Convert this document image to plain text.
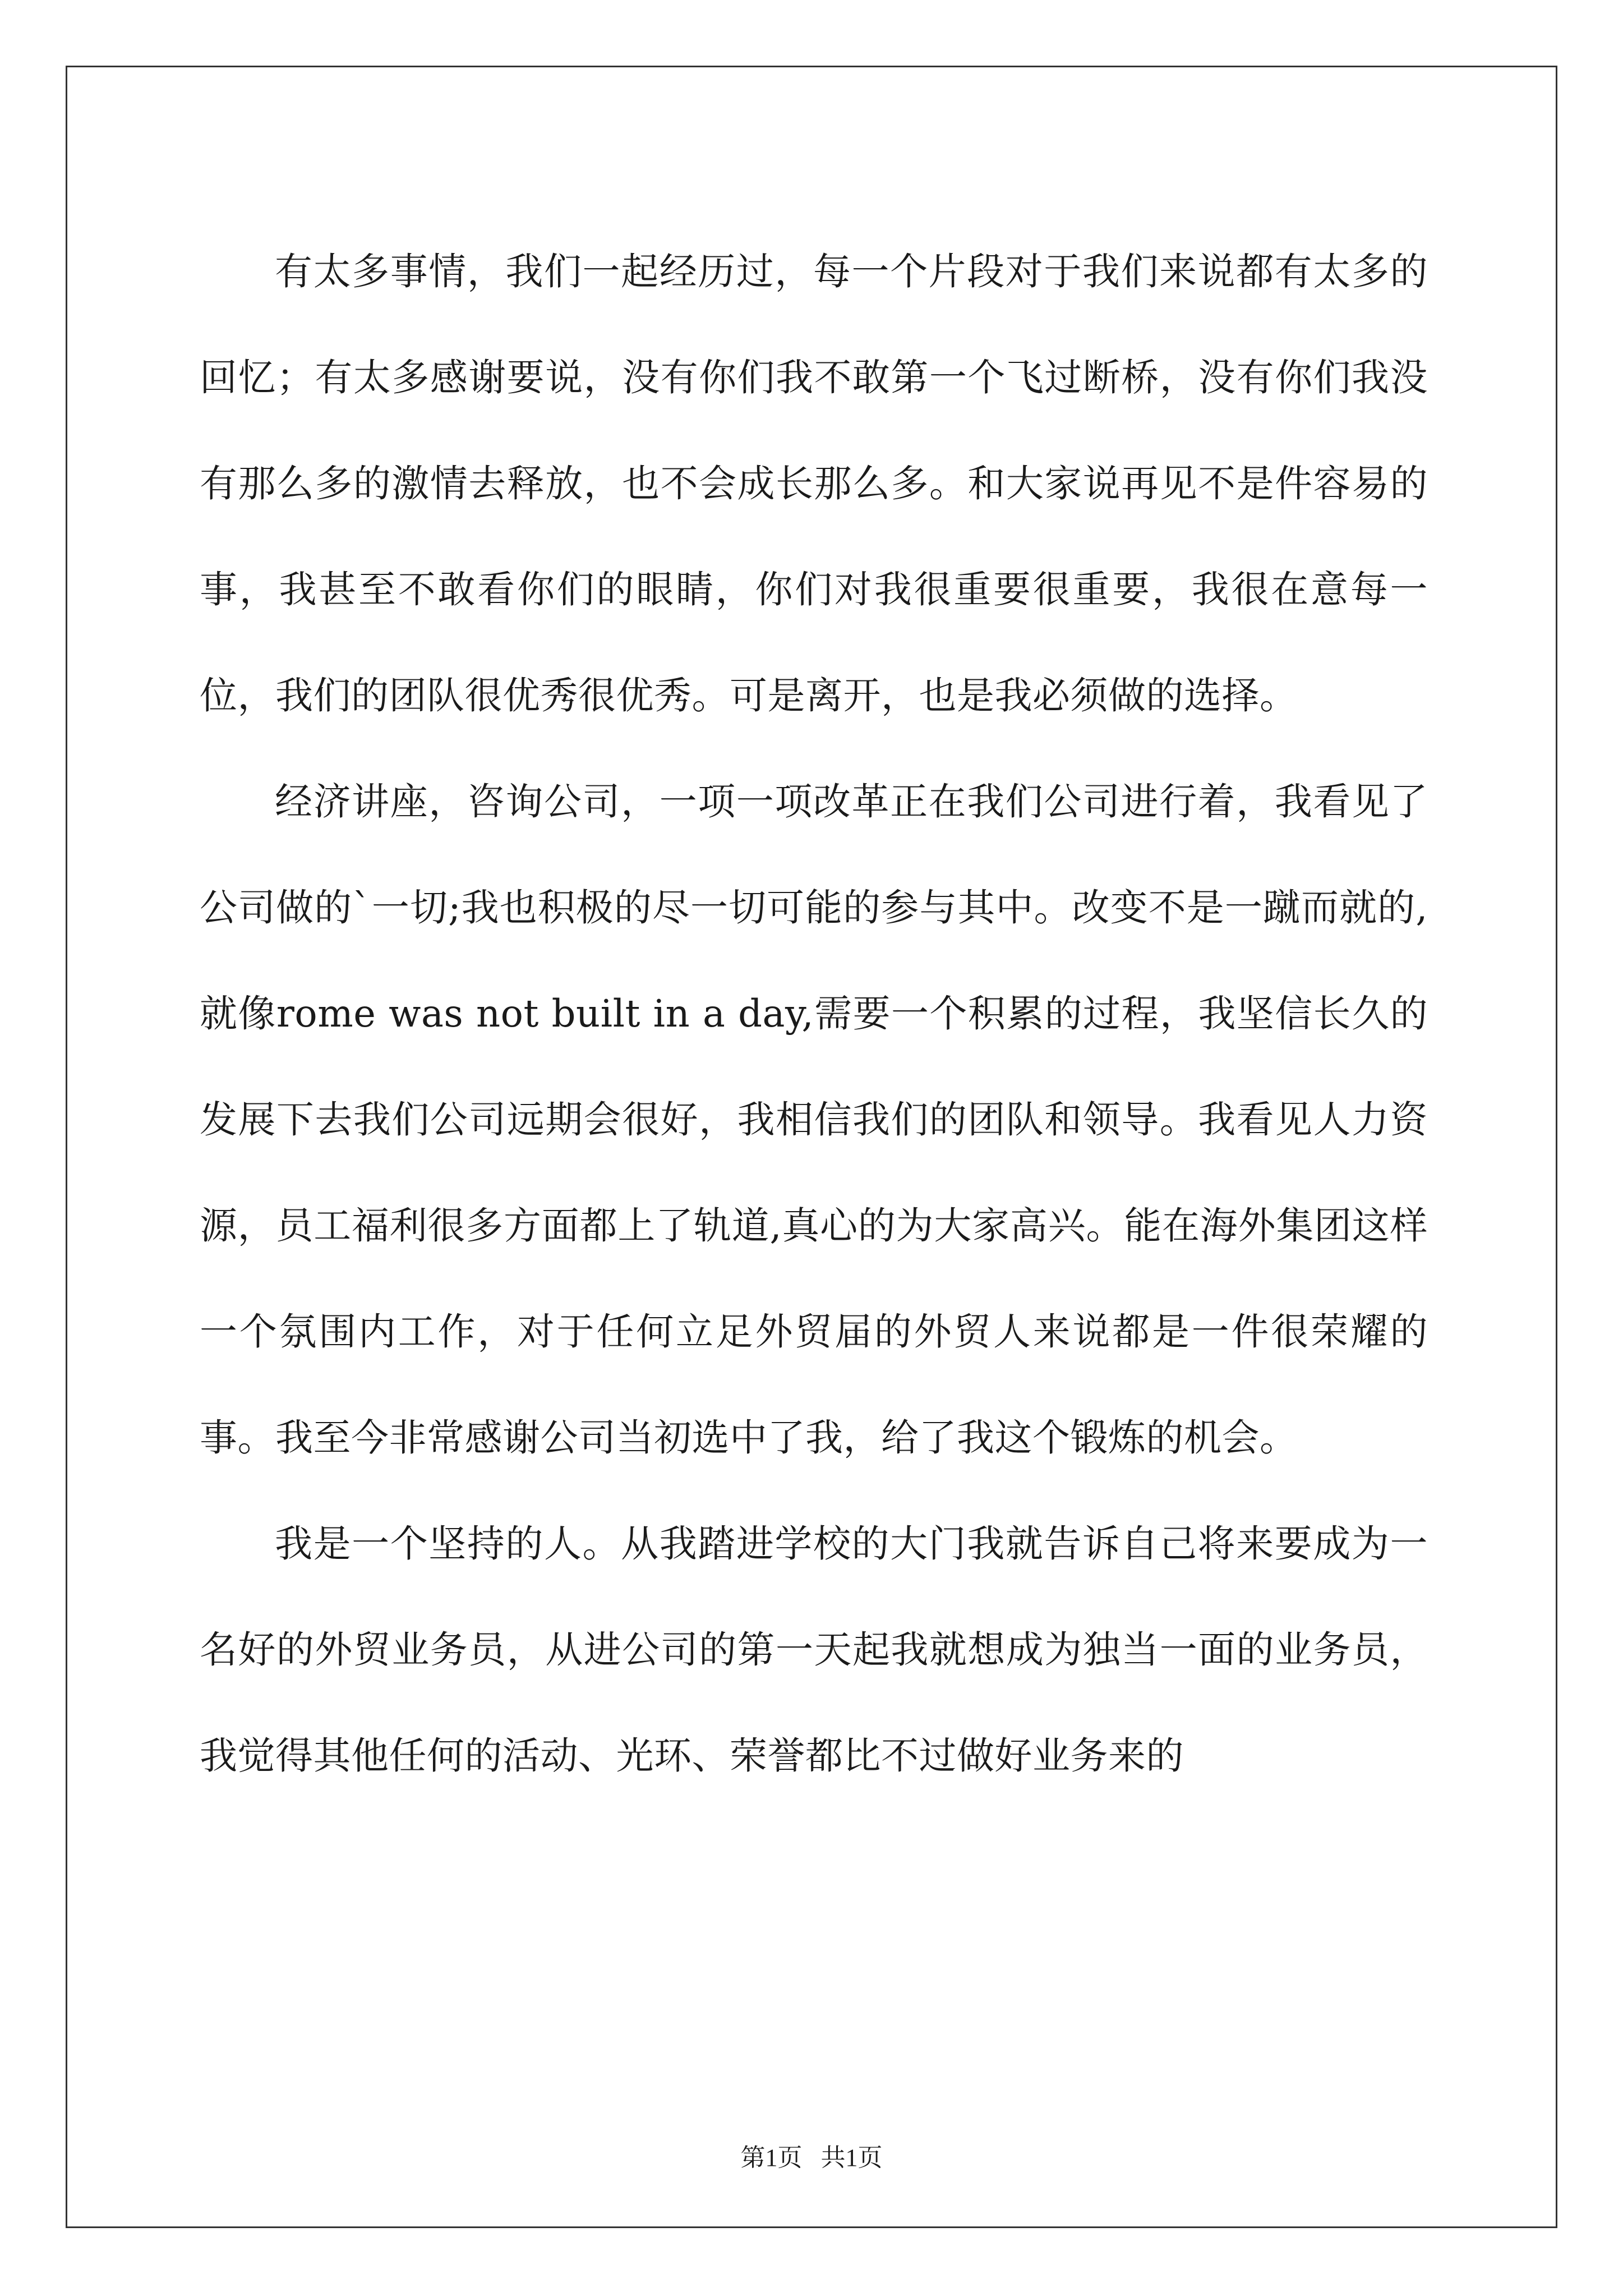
有太多事情，我们一起经历过，每一个片段对于我们来说都有太多的回忆；有太多感谢要说，没有你们我不敢第一个飞过断桥，没有你们我没有那么多的激情去释放，也不会成长那么多。和大家说再见不是件容易的事，我甚至不敢看你们的眼睛，你们对我很重要很重要，我很在意每一位，我们的团队很优秀很优秀。可是离开，也是我必须做的选择。

经济讲座，咨询公司，一项一项改革正在我们公司进行着，我看见了公司做的`一切;我也积极的尽一切可能的参与其中。改变不是一蹴而就的,就像rome was not built in a day,需要一个积累的过程，我坚信长久的发展下去我们公司远期会很好，我相信我们的团队和领导。我看见人力资源，员工福利很多方面都上了轨道,真心的为大家高兴。能在海外集团这样一个氛围内工作，对于任何立足外贸届的外贸人来说都是一件很荣耀的事。我至今非常感谢公司当初选中了我，给了我这个锻炼的机会。

我是一个坚持的人。从我踏进学校的大门我就告诉自己将来要成为一名好的外贸业务员，从进公司的第一天起我就想成为独当一面的业务员，我觉得其他任何的活动、光环、荣誉都比不过做好业务来的

第1页 共1页
